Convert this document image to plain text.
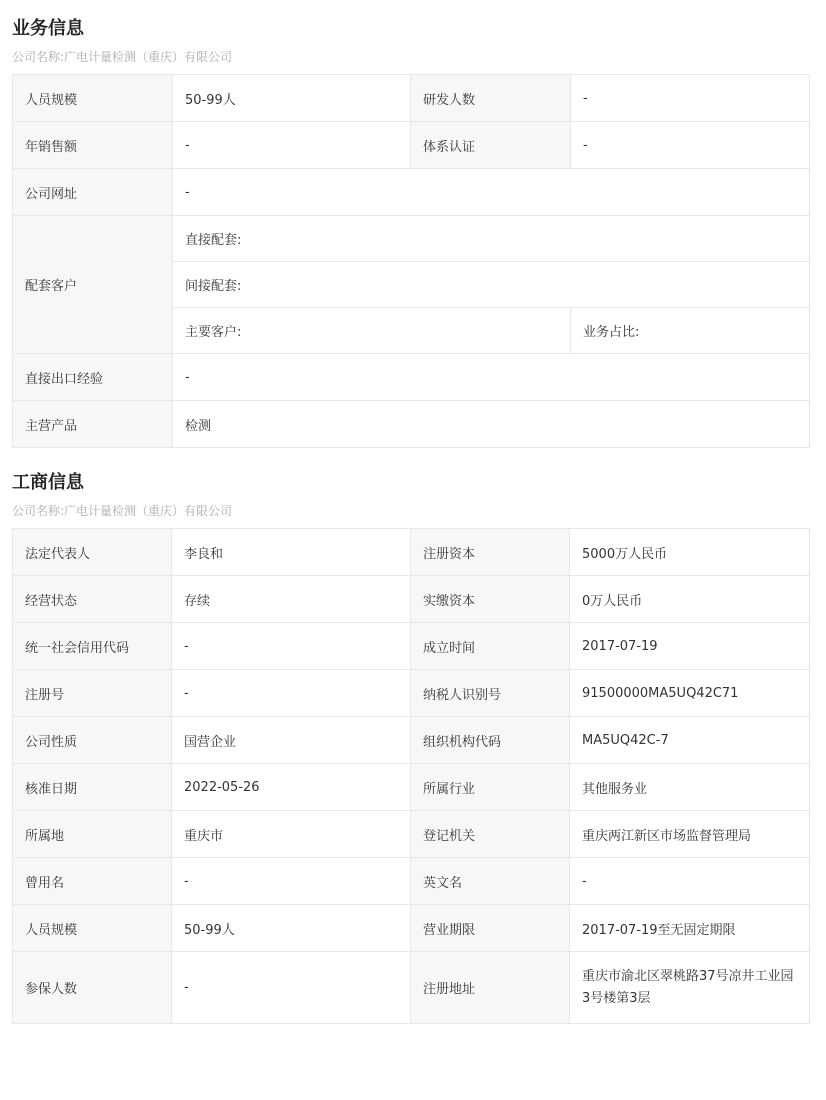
业务信息
公司名称:广电计量检测（重庆）有限公司
人员规模	50-99人	研发人数	-
年销售额	-	体系认证	-
公司网址	-		
配套客户	直接配套:		
	间接配套:		
	主要客户:		业务占比:
直接出口经验	-		
主营产品	检测		
工商信息
公司名称:广电计量检测（重庆）有限公司
法定代表人	李良和	注册资本	5000万人民币
经营状态	存续	实缴资本	0万人民币
统一社会信用代码	-	成立时间	2017-07-19
注册号	-	纳税人识别号	91500000MA5UQ42C71
公司性质	国营企业	组织机构代码	MA5UQ42C-7
核准日期	2022-05-26	所属行业	其他服务业
所属地	重庆市	登记机关	重庆两江新区市场监督管理局
曾用名	-	英文名	-
人员规模	50-99人	营业期限	2017-07-19至无固定期限
参保人数	-	注册地址	重庆市渝北区翠桃路37号凉井工业园3号楼第3层
